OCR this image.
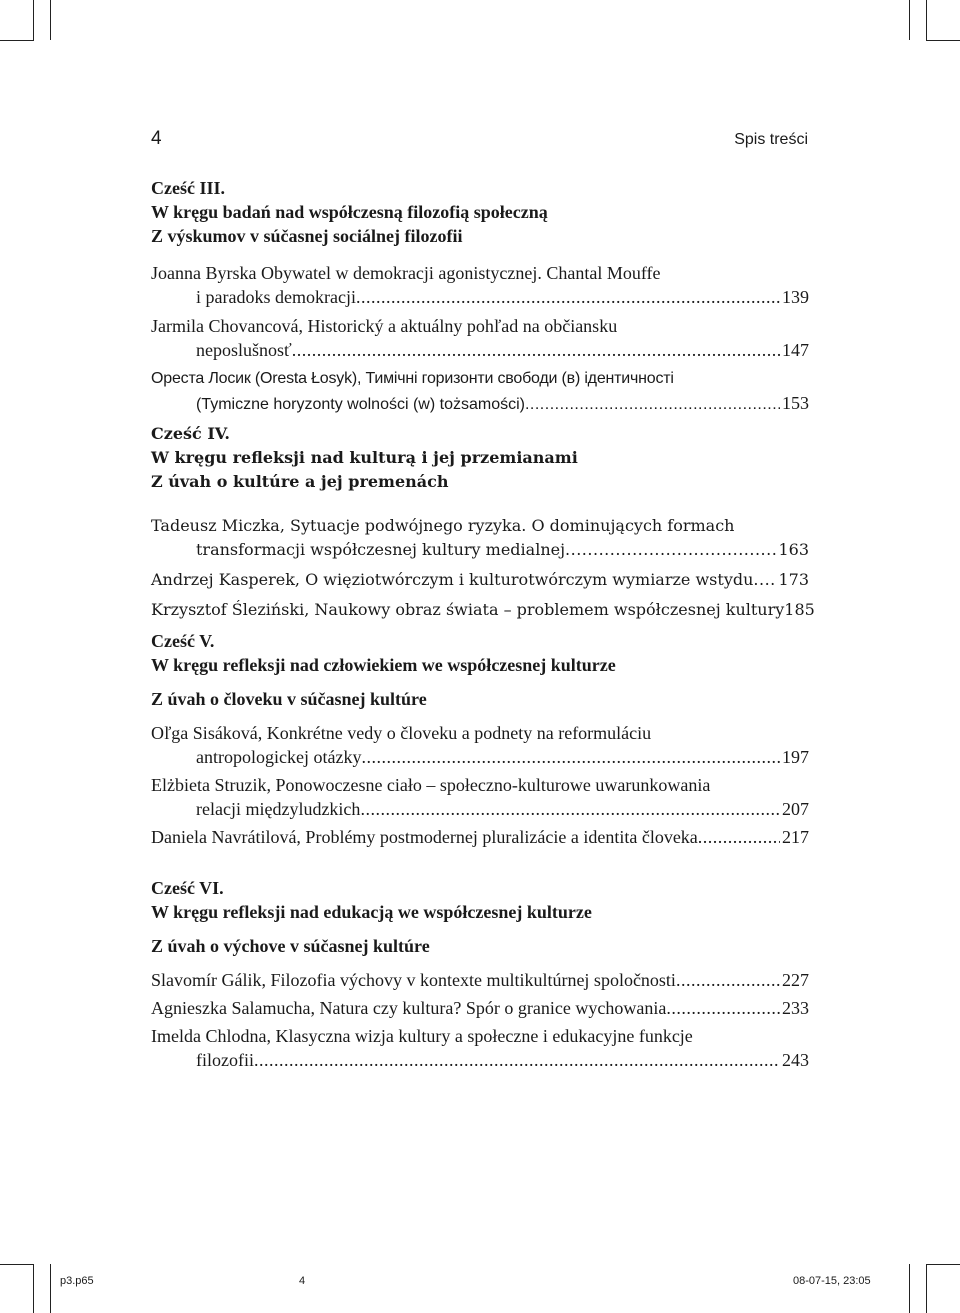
4	Spis treści
Cześć III.
W kręgu badań nad współczesną filozofią społeczną
Z výskumov v súčasnej sociálnej filozofii
Joanna Byrska Obywatel w demokracji agonistycznej. Chantal Mouffe
i paradoks demokracji .....	139
Jarmila Chovancová, Historický a aktuálny pohľad na občiansku
neposlušnosť .....	147
Ореста Лосик (Oresta Łosyk), Тимічні горизонти свободи (в) ідентичності
(Tymiczne horyzonty wolności (w) tożsamości) .....	153
Cześć IV.
W kręgu refleksji nad kulturą i jej przemianami
Z úvah o kultúre a jej premenách
Tadeusz Miczka, Sytuacje podwójnego ryzyka. O dominujących formach
transformacji współczesnej kultury medialnej .....	163
Andrzej Kasperek, O więziotwórczym i kulturotwórczym wymiarze wstydu ..... 173
Krzysztof Śleziński, Naukowy obraz świata – problemem współczesnej kultury 185
Cześć V.
W kręgu refleksji nad człowiekiem we współczesnej kulturze
Z úvah o človeku v súčasnej kultúre
Oľga Sisáková, Konkrétne vedy o človeku a podnety na reformuláciu
antropologickej otázky .....	197
Elżbieta Struzik, Ponowoczesne ciało – społeczno-kulturowe uwarunkowania
relacji międzyludzkich .....	207
Daniela Navrátilová, Problémy postmodernej pluralizácie a identita človeka .....	217
Cześć VI.
W kręgu refleksji nad edukacją we współczesnej kulturze
Z úvah o výchove v súčasnej kultúre
Slavomír Gálik, Filozofia výchovy v kontexte multikultúrnej spoločnosti .....	227
Agnieszka Salamucha, Natura czy kultura? Spór o granice wychowania .....	233
Imelda Chlodna, Klasyczna wizja kultury a społeczne i edukacyjne funkcje
filozofii .....	243
p3.p65	4	08-07-15, 23:05
